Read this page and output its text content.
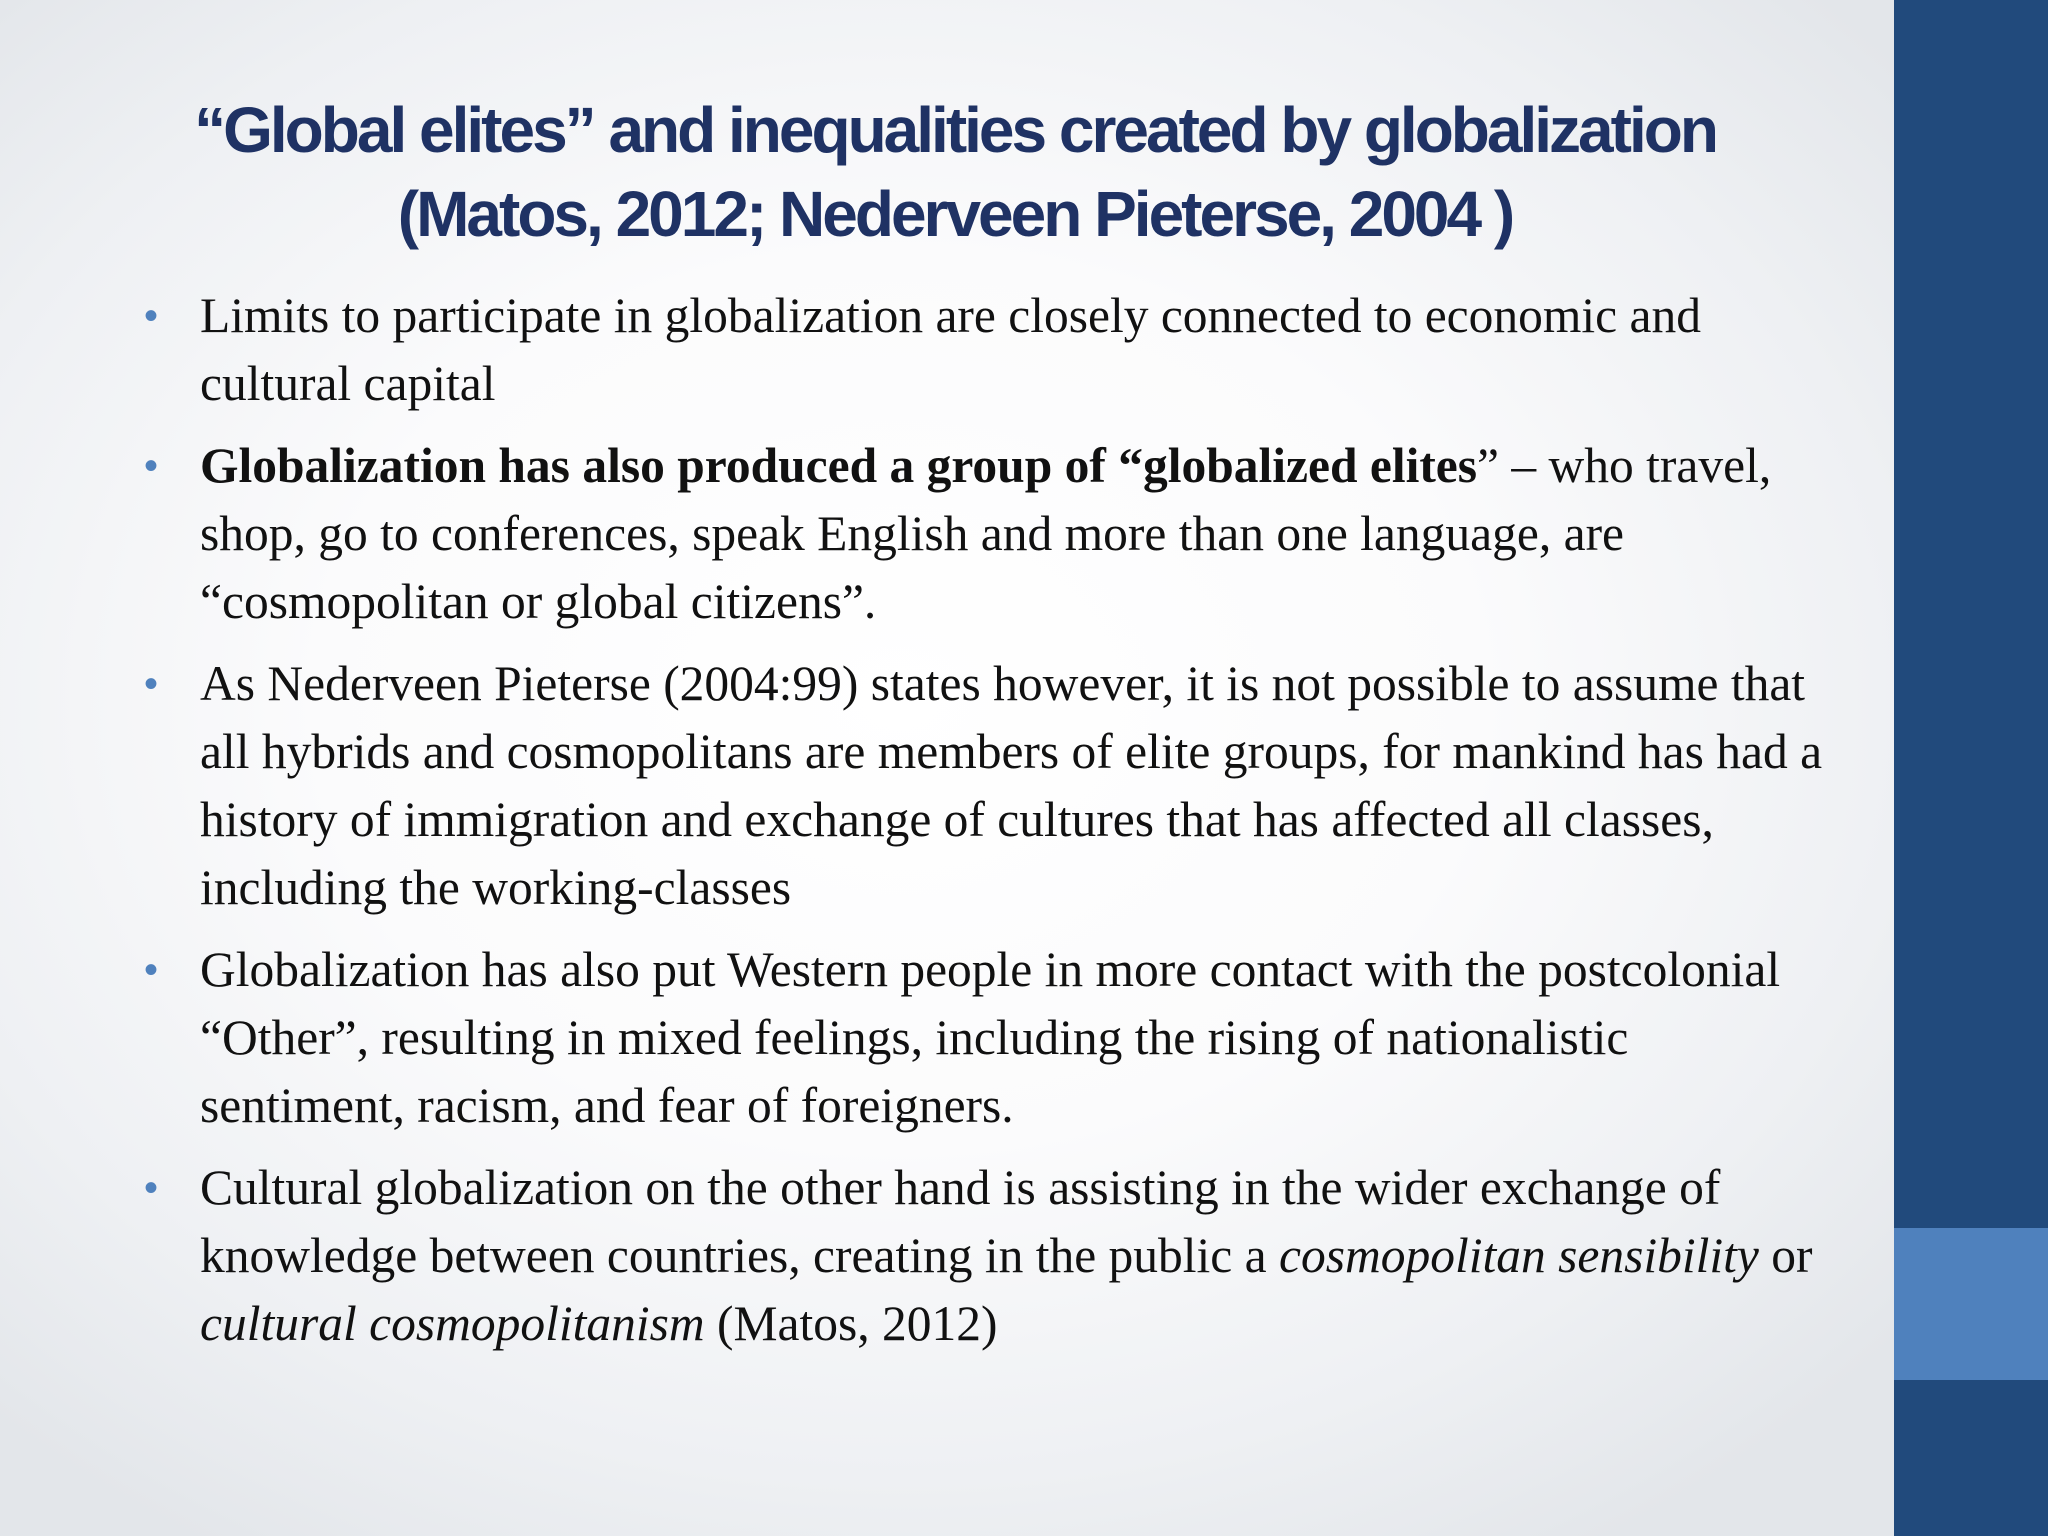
“Global elites” and inequalities created by globalization
(Matos, 2012; Nederveen Pieterse, 2004 )
• Limits to participate in globalization are closely connected to economic and cultural capital
• Globalization has also produced a group of “globalized elites” – who travel, shop, go to conferences, speak English and more than one language, are “cosmopolitan or global citizens”.
• As Nederveen Pieterse (2004:99) states however, it is not possible to assume that all hybrids and cosmopolitans are members of elite groups, for mankind has had a history of immigration and exchange of cultures that has affected all classes, including the working-classes
• Globalization has also put Western people in more contact with the postcolonial “Other”, resulting in mixed feelings, including the rising of nationalistic sentiment, racism, and fear of foreigners.
• Cultural globalization on the other hand is assisting in the wider exchange of knowledge between countries, creating in the public a cosmopolitan sensibility or cultural cosmopolitanism (Matos, 2012)
